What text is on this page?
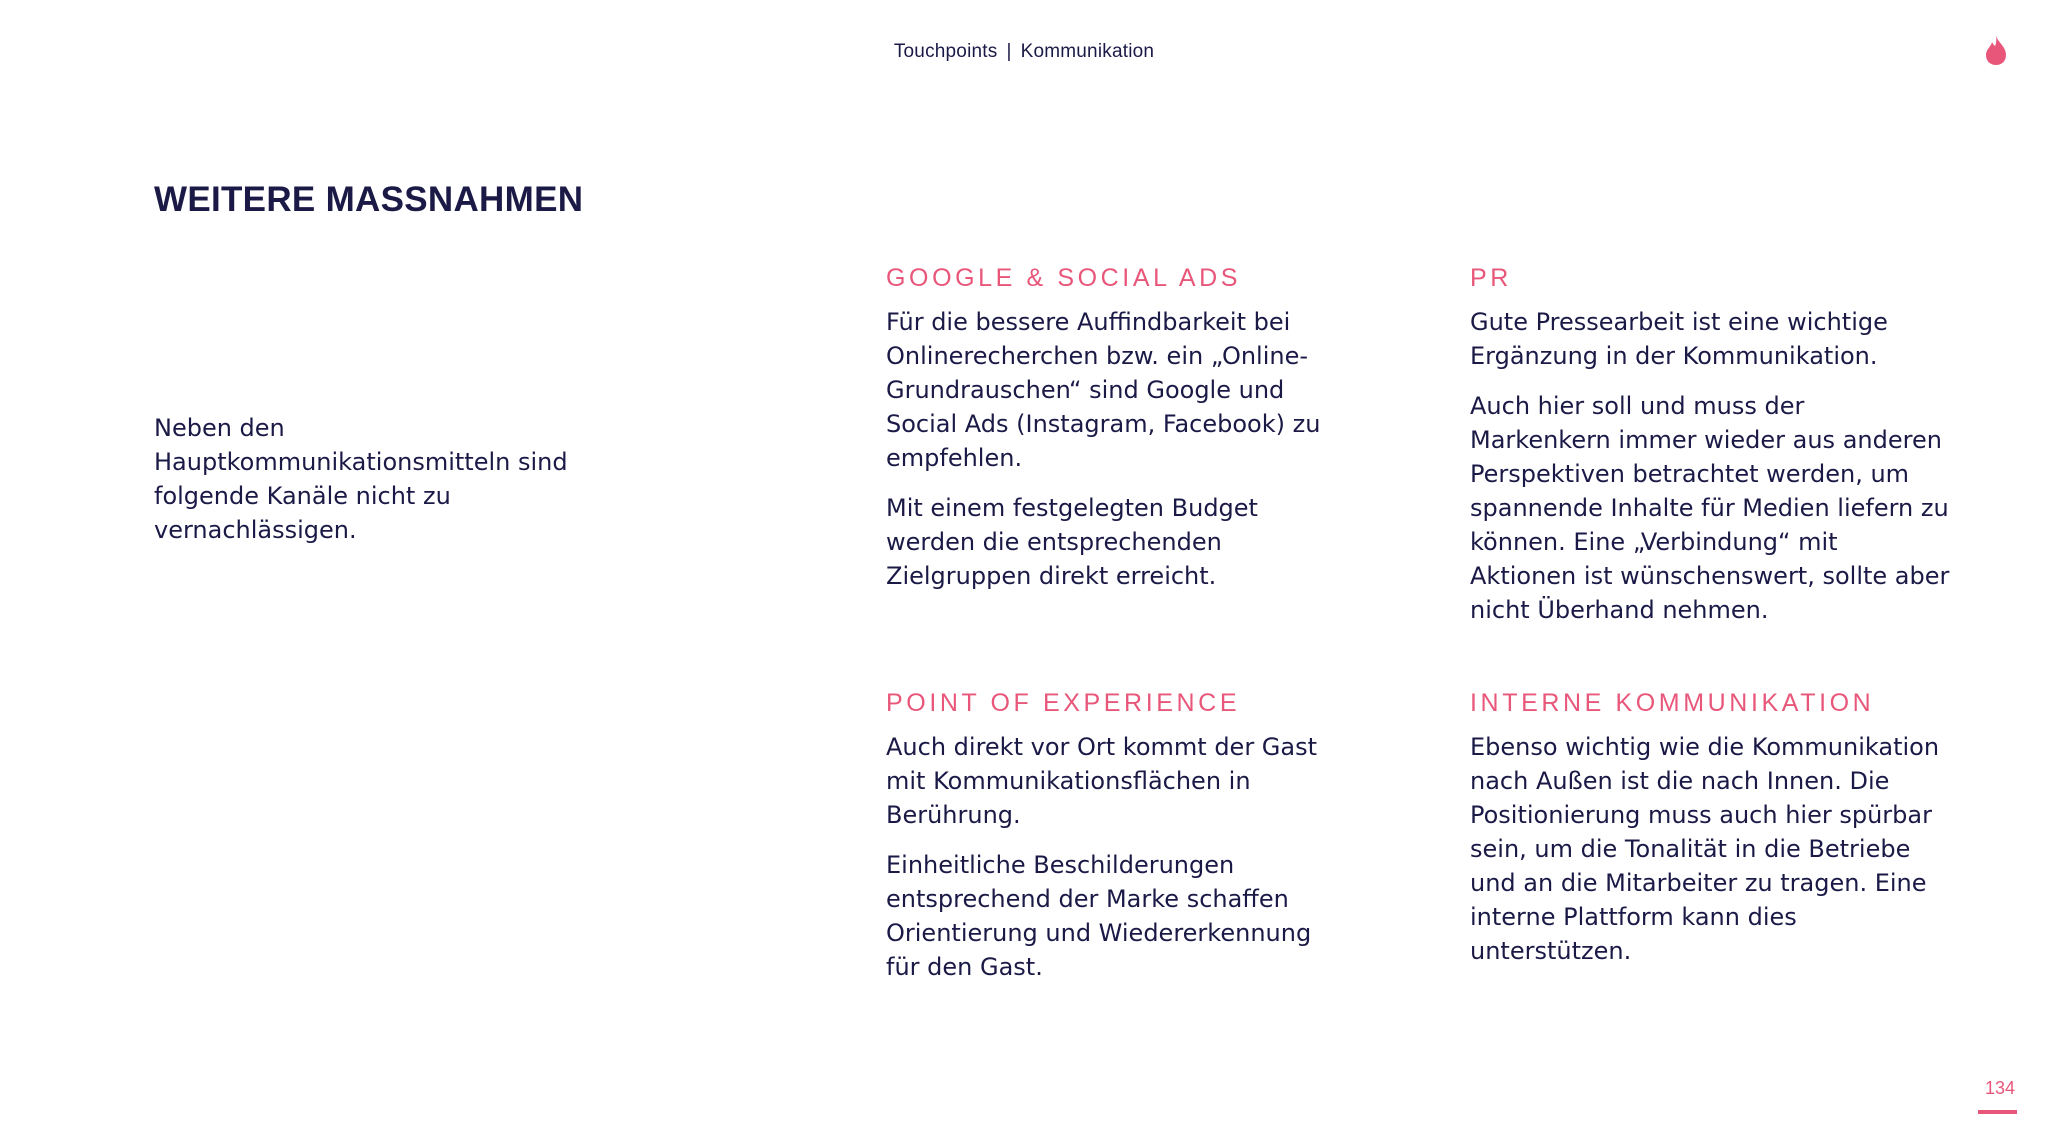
Touchpoints | Kommunikation
WEITERE MASSNAHMEN

Neben den Hauptkommunikationsmitteln sind folgende Kanäle nicht zu vernachlässigen.

GOOGLE & SOCIAL ADS

Für die bessere Auffindbarkeit bei Onlinerecherchen bzw. ein „Online-Grundrauschen“ sind Google und Social Ads (Instagram, Facebook) zu empfehlen.

Mit einem festgelegten Budget werden die entsprechenden Zielgruppen direkt erreicht.

PR

Gute Pressearbeit ist eine wichtige Ergänzung in der Kommunikation.

Auch hier soll und muss der Markenkern immer wieder aus anderen Perspektiven betrachtet werden, um spannende Inhalte für Medien liefern zu können. Eine „Verbindung“ mit Aktionen ist wünschenswert, sollte aber nicht Überhand nehmen.

POINT OF EXPERIENCE

Auch direkt vor Ort kommt der Gast mit Kommunikationsflächen in Berührung.

Einheitliche Beschilderungen entsprechend der Marke schaffen Orientierung und Wiedererkennung für den Gast.

INTERNE KOMMUNIKATION

Ebenso wichtig wie die Kommunikation nach Außen ist die nach Innen. Die Positionierung muss auch hier spürbar sein, um die Tonalität in die Betriebe und an die Mitarbeiter zu tragen. Eine interne Plattform kann dies unterstützen.

134
